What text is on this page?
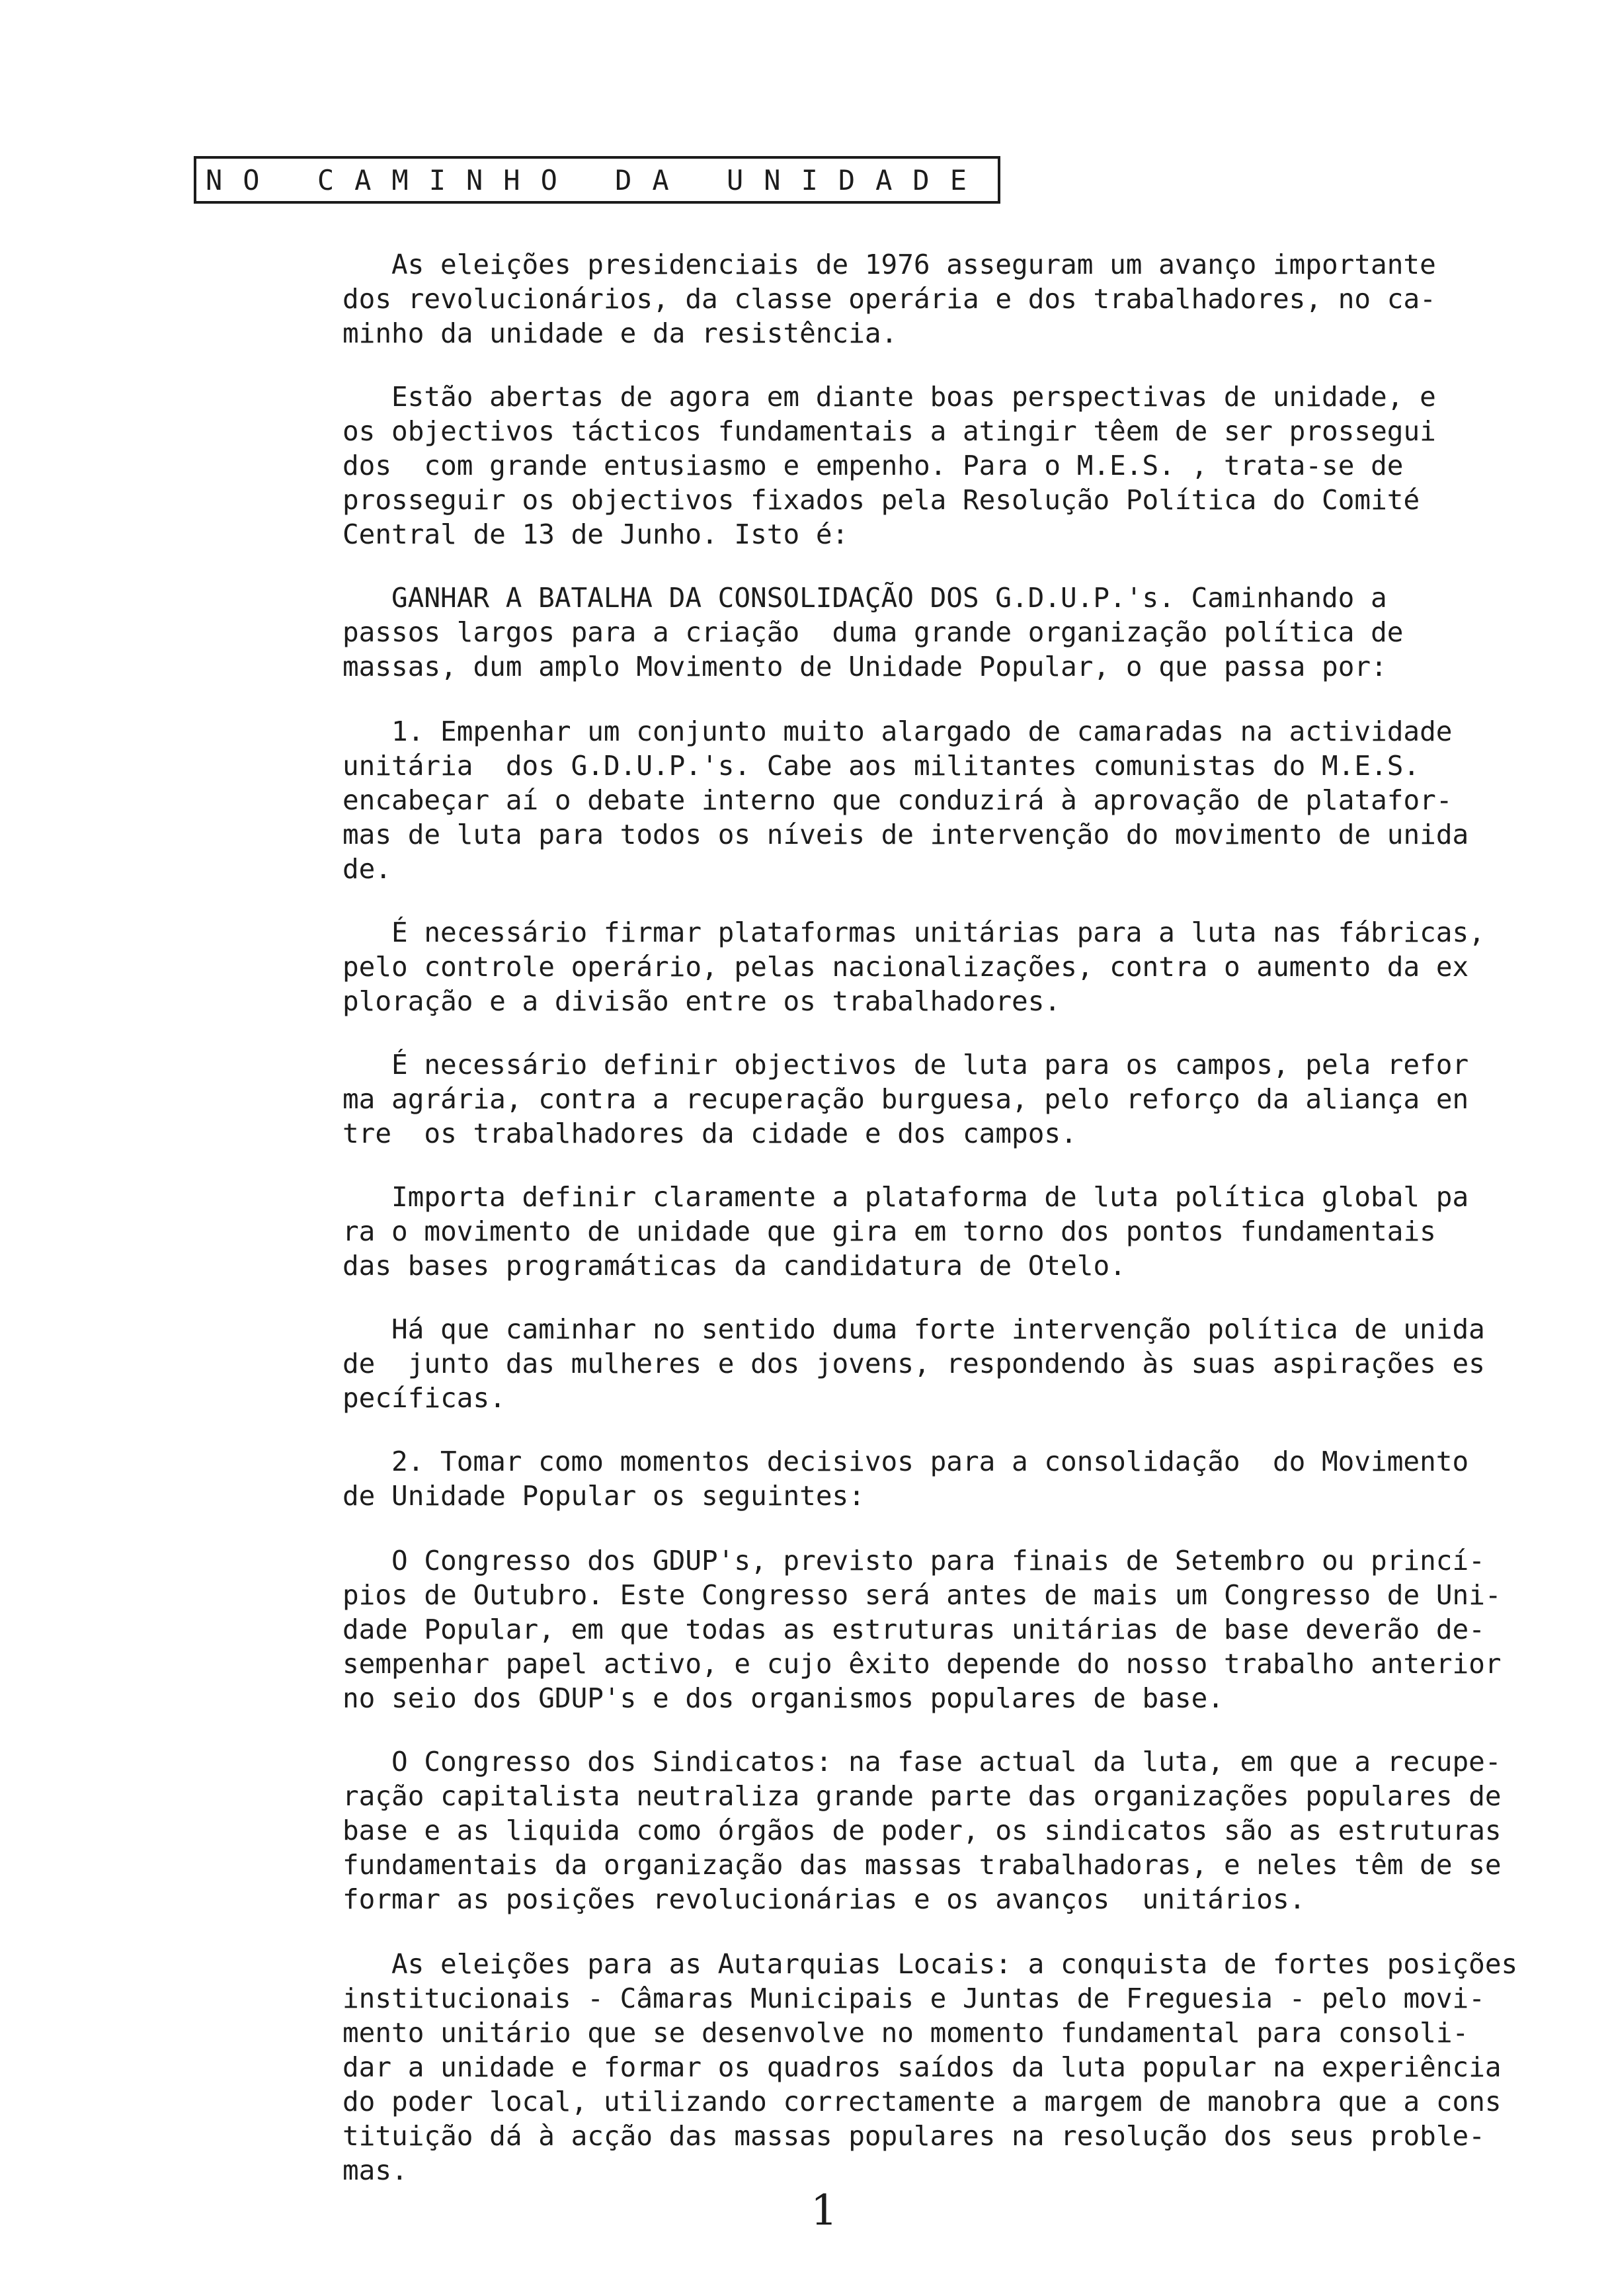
NO CAMINHO DA UNIDADE
As eleições presidenciais de 1976 asseguram um avanço importante
dos revolucionários, da classe operária e dos trabalhadores, no ca-
minho da unidade e da resistência.
Estão abertas de agora em diante boas perspectivas de unidade, e
os objectivos tácticos fundamentais a atingir têem de ser prossegui
dos  com grande entusiasmo e empenho. Para o M.E.S. , trata-se de
prosseguir os objectivos fixados pela Resolução Política do Comité
Central de 13 de Junho. Isto é:
GANHAR A BATALHA DA CONSOLIDAÇÃO DOS G.D.U.P.'s. Caminhando a
passos largos para a criação  duma grande organização política de
massas, dum amplo Movimento de Unidade Popular, o que passa por:
1. Empenhar um conjunto muito alargado de camaradas na actividade
unitária  dos G.D.U.P.'s. Cabe aos militantes comunistas do M.E.S.
encabeçar aí o debate interno que conduzirá à aprovação de platafor-
mas de luta para todos os níveis de intervenção do movimento de unida
de.
É necessário firmar plataformas unitárias para a luta nas fábricas,
pelo controle operário, pelas nacionalizações, contra o aumento da ex
ploração e a divisão entre os trabalhadores.
É necessário definir objectivos de luta para os campos, pela refor
ma agrária, contra a recuperação burguesa, pelo reforço da aliança en
tre  os trabalhadores da cidade e dos campos.
Importa definir claramente a plataforma de luta política global pa
ra o movimento de unidade que gira em torno dos pontos fundamentais
das bases programáticas da candidatura de Otelo.
Há que caminhar no sentido duma forte intervenção política de unida
de  junto das mulheres e dos jovens, respondendo às suas aspirações es
pecíficas.
2. Tomar como momentos decisivos para a consolidação  do Movimento
de Unidade Popular os seguintes:
O Congresso dos GDUP's, previsto para finais de Setembro ou princí-
pios de Outubro. Este Congresso será antes de mais um Congresso de Uni-
dade Popular, em que todas as estruturas unitárias de base deverão de-
sempenhar papel activo, e cujo êxito depende do nosso trabalho anterior
no seio dos GDUP's e dos organismos populares de base.
O Congresso dos Sindicatos: na fase actual da luta, em que a recupe-
ração capitalista neutraliza grande parte das organizações populares de
base e as liquida como órgãos de poder, os sindicatos são as estruturas
fundamentais da organização das massas trabalhadoras, e neles têm de se
formar as posições revolucionárias e os avanços  unitários.
As eleições para as Autarquias Locais: a conquista de fortes posições
institucionais - Câmaras Municipais e Juntas de Freguesia - pelo movi-
mento unitário que se desenvolve no momento fundamental para consoli-
dar a unidade e formar os quadros saídos da luta popular na experiência
do poder local, utilizando correctamente a margem de manobra que a cons
tituição dá à acção das massas populares na resolução dos seus proble-
mas.
1
